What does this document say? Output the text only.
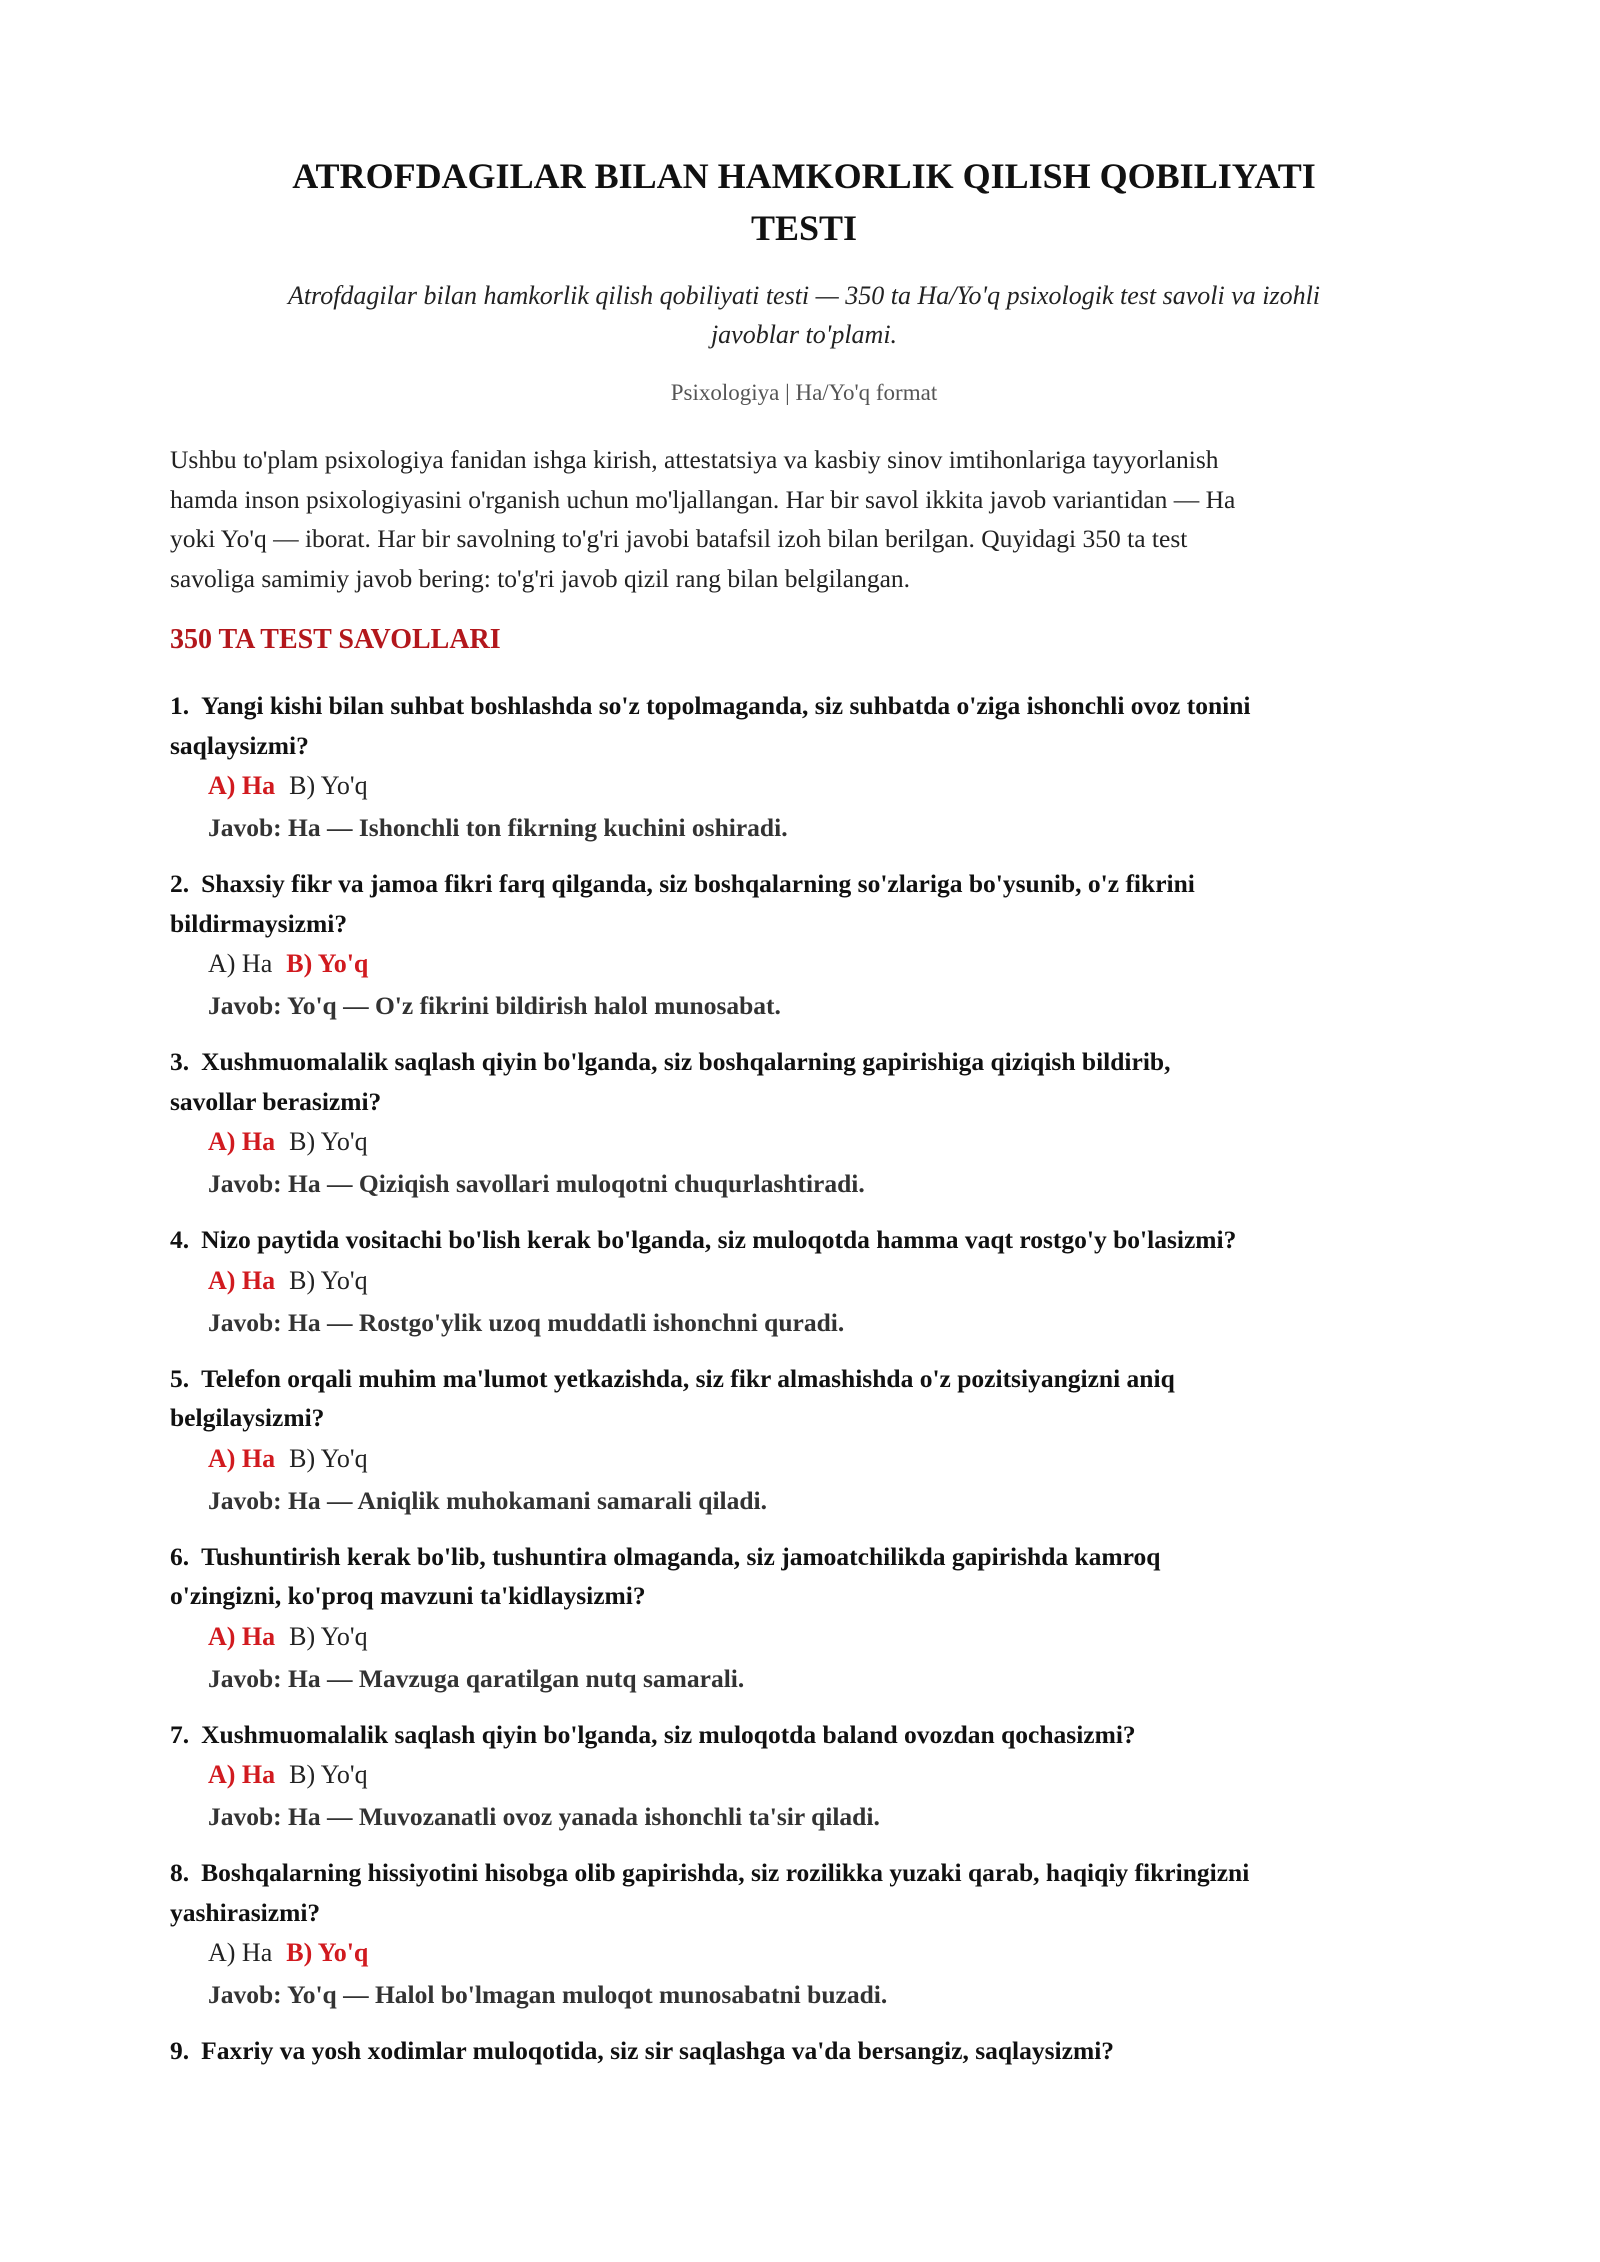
ATROFDAGILAR BILAN HAMKORLIK QILISH QOBILIYATI
TESTI

Atrofdagilar bilan hamkorlik qilish qobiliyati testi — 350 ta Ha/Yo'q psixologik test savoli va izohli
javoblar to'plami.

Psixologiya | Ha/Yo'q format

Ushbu to'plam psixologiya fanidan ishga kirish, attestatsiya va kasbiy sinov imtihonlariga tayyorlanish
hamda inson psixologiyasini o'rganish uchun mo'ljallangan. Har bir savol ikkita javob variantidan — Ha
yoki Yo'q — iborat. Har bir savolning to'g'ri javobi batafsil izoh bilan berilgan. Quyidagi 350 ta test
savoliga samimiy javob bering: to'g'ri javob qizil rang bilan belgilangan.

350 TA TEST SAVOLLARI

1. Yangi kishi bilan suhbat boshlashda so'z topolmaganda, siz suhbatda o'ziga ishonchli ovoz tonini
saqlaysizmi?

A) Ha B) Yo'q
Javob: Ha — Ishonchli ton fikrning kuchini oshiradi.

2. Shaxsiy fikr va jamoa fikri farq qilganda, siz boshqalarning so'zlariga bo'ysunib, o'z fikrini
bildirmaysizmi?

A) Ha B) Yo'q
Javob: Yo'q — O'z fikrini bildirish halol munosabat.

3. Xushmuomalalik saqlash qiyin bo'lganda, siz boshqalarning gapirishiga qiziqish bildirib,
savollar berasizmi?

A) Ha B) Yo'q
Javob: Ha — Qiziqish savollari muloqotni chuqurlashtiradi.

4. Nizo paytida vositachi bo'lish kerak bo'lganda, siz muloqotda hamma vaqt rostgo'y bo'lasizmi?

A) Ha B) Yo'q
Javob: Ha — Rostgo'ylik uzoq muddatli ishonchni quradi.

5. Telefon orqali muhim ma'lumot yetkazishda, siz fikr almashishda o'z pozitsiyangizni aniq
belgilaysizmi?

A) Ha B) Yo'q
Javob: Ha — Aniqlik muhokamani samarali qiladi.

6. Tushuntirish kerak bo'lib, tushuntira olmaganda, siz jamoatchilikda gapirishda kamroq
o'zingizni, ko'proq mavzuni ta'kidlaysizmi?

A) Ha B) Yo'q
Javob: Ha — Mavzuga qaratilgan nutq samarali.

7. Xushmuomalalik saqlash qiyin bo'lganda, siz muloqotda baland ovozdan qochasizmi?

A) Ha B) Yo'q
Javob: Ha — Muvozanatli ovoz yanada ishonchli ta'sir qiladi.

8. Boshqalarning hissiyotini hisobga olib gapirishda, siz rozilikka yuzaki qarab, haqiqiy fikringizni
yashirasizmi?

A) Ha B) Yo'q
Javob: Yo'q — Halol bo'lmagan muloqot munosabatni buzadi.

9. Faxriy va yosh xodimlar muloqotida, siz sir saqlashga va'da bersangiz, saqlaysizmi?
